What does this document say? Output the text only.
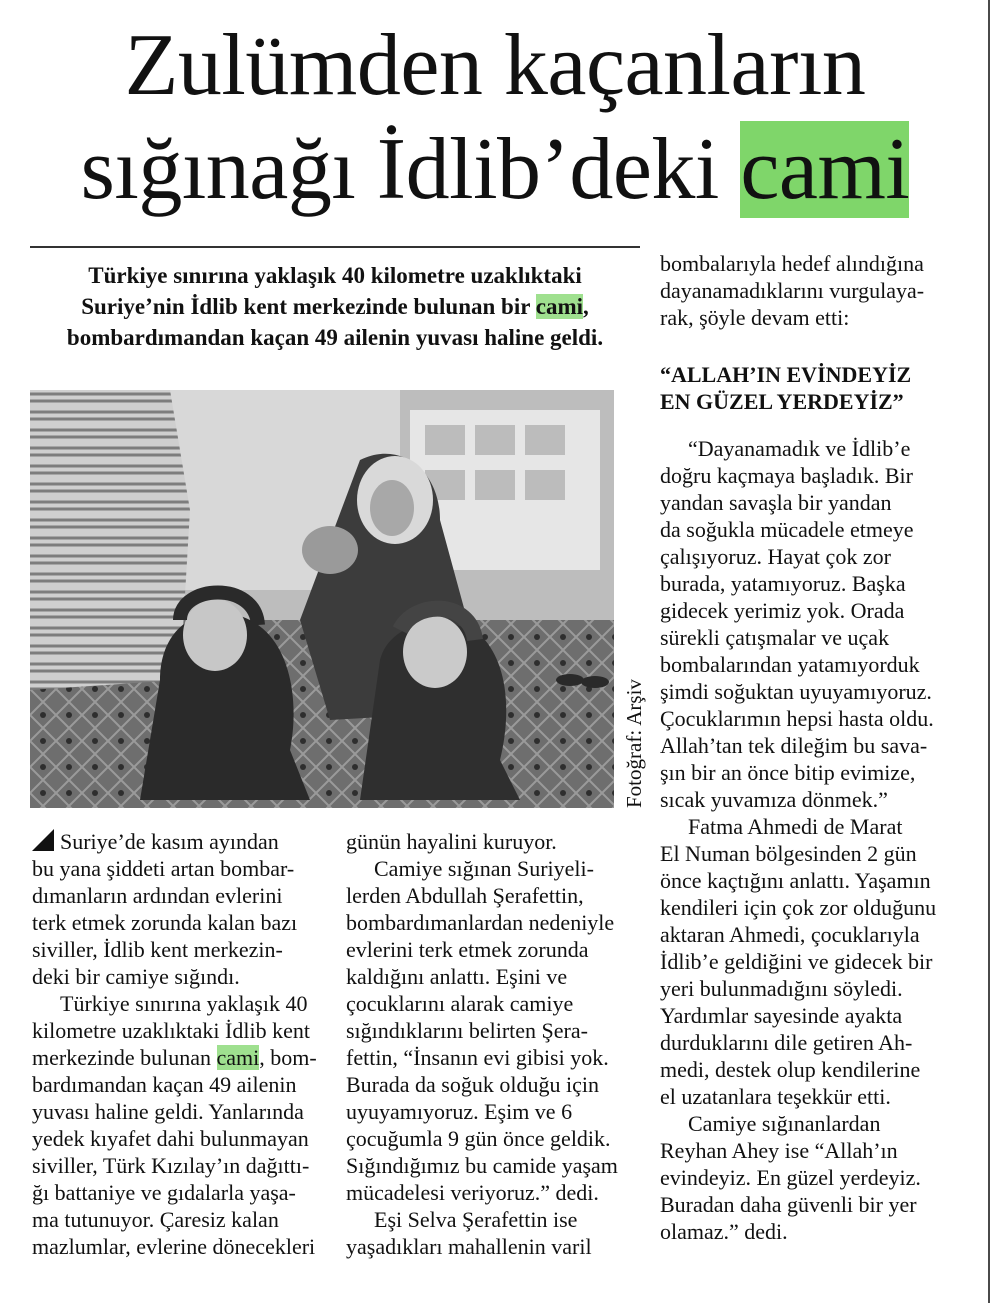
Zulümden kaçanların
sığınağı İdlib’deki cami
Türkiye sınırına yaklaşık 40 kilometre uzaklıktaki
Suriye’nin İdlib kent merkezinde bulunan bir cami,
bombardımandan kaçan 49 ailenin yuvası haline geldi.
Fotoğraf: Arşiv
Suriye’de kasım ayından
bu yana şiddeti artan bombar-
dımanların ardından evlerini
terk etmek zorunda kalan bazı
siviller, İdlib kent merkezin-
deki bir camiye sığındı.
Türkiye sınırına yaklaşık 40
kilometre uzaklıktaki İdlib kent
merkezinde bulunan cami, bom-
bardımandan kaçan 49 ailenin
yuvası haline geldi. Yanlarında
yedek kıyafet dahi bulunmayan
siviller, Türk Kızılay’ın dağıttı-
ğı battaniye ve gıdalarla yaşa-
ma tutunuyor. Çaresiz kalan
mazlumlar, evlerine dönecekleri
günün hayalini kuruyor.
Camiye sığınan Suriyeli-
lerden Abdullah Şerafettin,
bombardımanlardan nedeniyle
evlerini terk etmek zorunda
kaldığını anlattı. Eşini ve
çocuklarını alarak camiye
sığındıklarını belirten Şera-
fettin, “İnsanın evi gibisi yok.
Burada da soğuk olduğu için
uyuyamıyoruz. Eşim ve 6
çocuğumla 9 gün önce geldik.
Sığındığımız bu camide yaşam
mücadelesi veriyoruz.” dedi.
Eşi Selva Şerafettin ise
yaşadıkları mahallenin varil
bombalarıyla hedef alındığına
dayanamadıklarını vurgulaya-
rak, şöyle devam etti:
“ALLAH’IN EVİNDEYİZ
EN GÜZEL YERDEYİZ”
“Dayanamadık ve İdlib’e
doğru kaçmaya başladık. Bir
yandan savaşla bir yandan
da soğukla mücadele etmeye
çalışıyoruz. Hayat çok zor
burada, yatamıyoruz. Başka
gidecek yerimiz yok. Orada
sürekli çatışmalar ve uçak
bombalarından yatamıyorduk
şimdi soğuktan uyuyamıyoruz.
Çocuklarımın hepsi hasta oldu.
Allah’tan tek dileğim bu sava-
şın bir an önce bitip evimize,
sıcak yuvamıza dönmek.”
Fatma Ahmedi de Marat
El Numan bölgesinden 2 gün
önce kaçtığını anlattı. Yaşamın
kendileri için çok zor olduğunu
aktaran Ahmedi, çocuklarıyla
İdlib’e geldiğini ve gidecek bir
yeri bulunmadığını söyledi.
Yardımlar sayesinde ayakta
durduklarını dile getiren Ah-
medi, destek olup kendilerine
el uzatanlara teşekkür etti.
Camiye sığınanlardan
Reyhan Ahey ise “Allah’ın
evindeyiz. En güzel yerdeyiz.
Buradan daha güvenli bir yer
olamaz.” dedi.
